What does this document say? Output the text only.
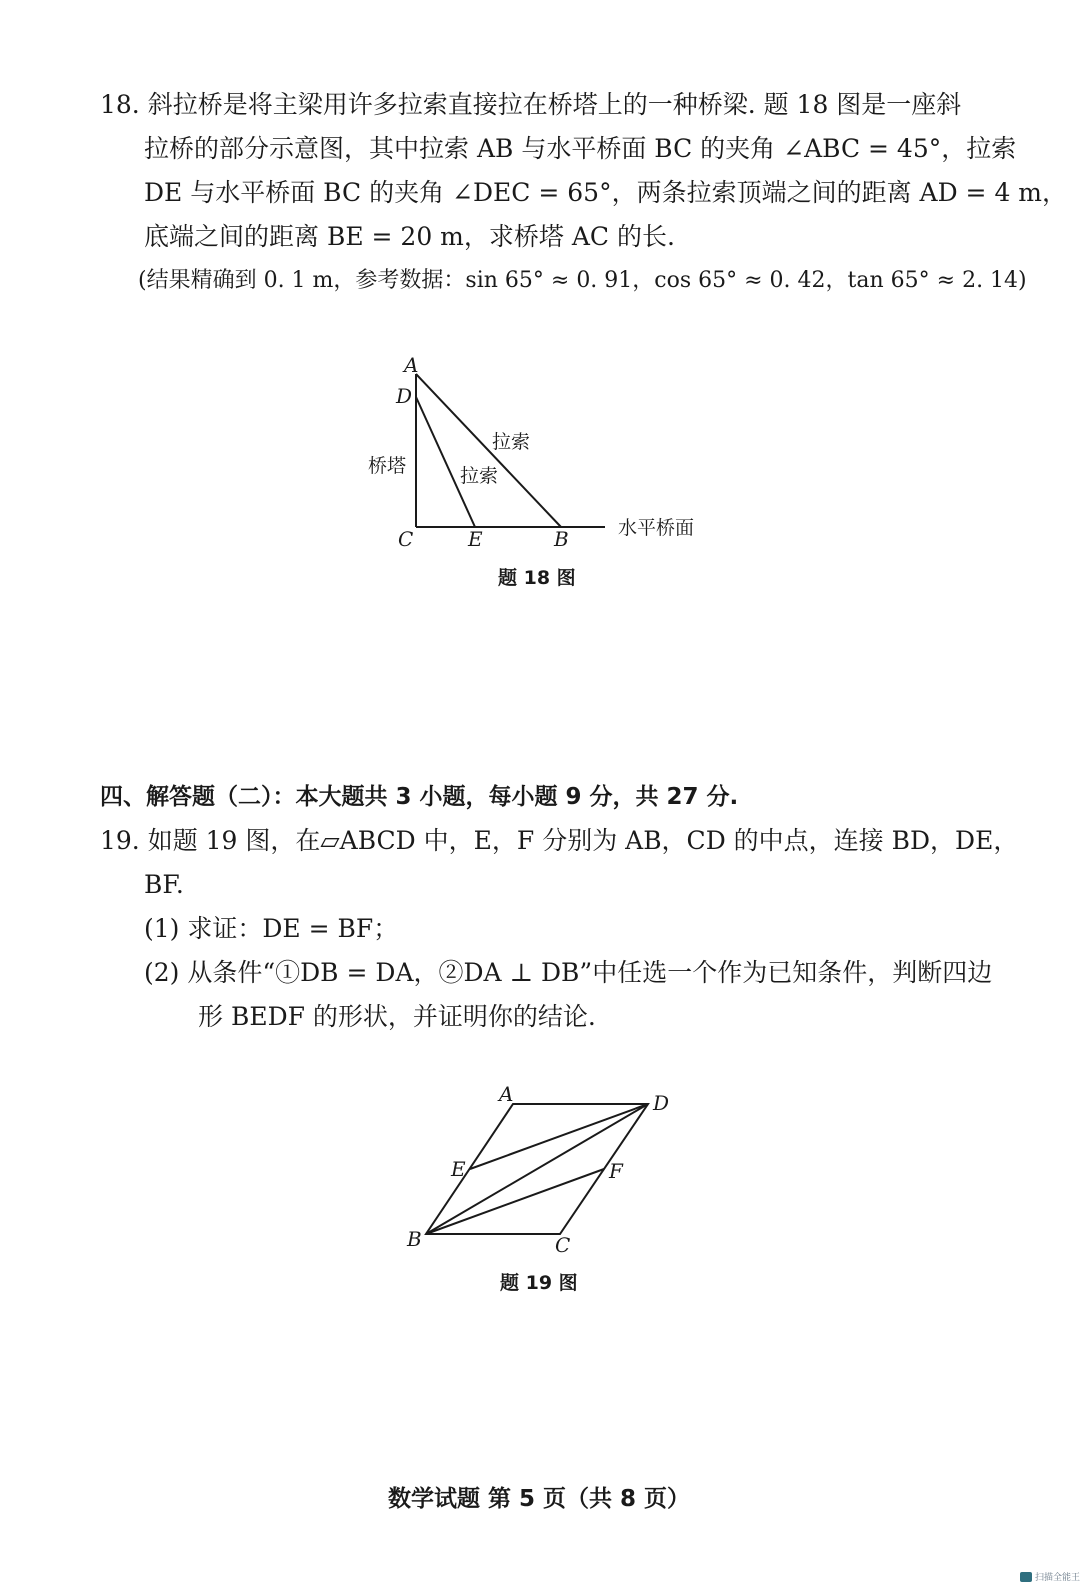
18. 斜拉桥是将主梁用许多拉索直接拉在桥塔上的一种桥梁. 题 18 图是一座斜
拉桥的部分示意图，其中拉索 AB 与水平桥面 BC 的夹角 ∠ABC = 45°，拉索
DE 与水平桥面 BC 的夹角 ∠DEC = 65°，两条拉索顶端之间的距离 AD = 4 m，
底端之间的距离 BE = 20 m，求桥塔 AC 的长.
(结果精确到 0. 1 m，参考数据：sin 65° ≈ 0. 91，cos 65° ≈ 0. 42，tan 65° ≈ 2. 14)
A
D
C	E	B
桥塔
拉索
拉索
水平桥面
题 18 图
四、解答题（二）：本大题共 3 小题，每小题 9 分，共 27 分.
19. 如题 19 图，在▱ABCD 中，E，F 分别为 AB，CD 的中点，连接 BD，DE，
BF.
(1) 求证：DE = BF；
(2) 从条件“①DB = DA，②DA ⊥ DB”中任选一个作为已知条件，判断四边
形 BEDF 的形状，并证明你的结论.
A	D
E	F
B	C
题 19 图
数学试题 第 5 页（共 8 页）
扫描全能王
